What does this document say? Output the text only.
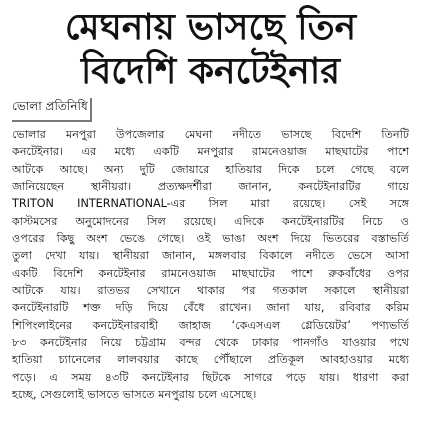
মেঘনায় ভাসছে তিন
বিদেশি কনটেইনার
ভোলা প্রতিনিধি
ভোলার মনপুরা উপজেলার মেঘনা নদীতে ভাসছে বিদেশি তিনটি
কনটেইনার। এর মধ্যে একটি মনপুরার রামনেওয়াজ মাছঘাটের পাশে
আটকে আছে। অন্য দুটি জোয়ারে হাতিয়ার দিকে চলে গেছে বলে
জানিয়েছেন স্থানীয়রা। প্রত্যক্ষদর্শীরা জানান, কনটেইনারটির গায়ে
TRITON INTERNATIONAL-এর সিল মারা রয়েছে। সেই সঙ্গে
কাস্টমসের অনুমোদনের সিল রয়েছে। এদিকে কনটেইনারটির নিচে ও
ওপরের কিছু অংশ ভেঙে গেছে। ওই ভাঙা অংশ দিয়ে ভিতরের বস্তাভর্তি
তুলা দেখা যায়। স্থানীয়রা জানান, মঙ্গলবার বিকালে নদীতে ভেসে আসা
একটি বিদেশি কনটেইনার রামনেওয়াজ মাছঘাটের পাশে রুকবাঁধের ওপর
আটকে যায়। রাতভর সেখানে থাকার পর গতকাল সকালে স্থানীয়রা
কনটেইনারটি শক্ত দড়ি দিয়ে বেঁধে রাখেন। জানা যায়, রবিবার করিম
শিপিংলাইনের কনটেইনারবাহী জাহাজ ‘কেএসএল গ্লেডিয়েটর’ পণ্যভর্তি
৮৩ কনটেইনার নিয়ে চট্টগ্রাম বন্দর থেকে ঢাকার পানগাঁও যাওয়ার পথে
হাতিয়া চ্যানেলের লালবয়ার কাছে পৌঁছালে প্রতিকূল আবহাওয়ার মধ্যে
পড়ে। এ সময় ৪৩টি কনটেইনার ছিটকে সাগরে পড়ে যায়। ধারণা করা
হচ্ছে, সেগুলোই ভাসতে ভাসতে মনপুরায় চলে এসেছে।
